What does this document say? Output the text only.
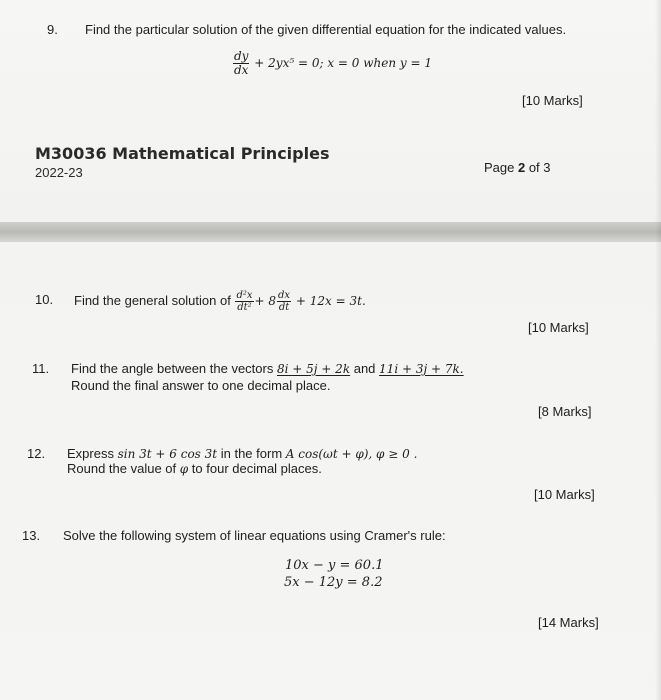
9. Find the particular solution of the given differential equation for the indicated values.
$\frac{dy}{dx} + 2yx^5 = 0$; x = 0 when y = 1
[10 Marks]
M30036 Mathematical Principles
2022-23	Page 2 of 3
10. Find the general solution of $\frac{\text{d²x}}{\text{dt²}} + 8 \frac{dx}{dt} + 12x = 3t$.
[10 Marks]
11. Find the angle between the vectors 8i + 5j + 2k and 11i + 3j + 7k.
Round the final answer to one decimal place.
[8 Marks]
12. Express sin 3t + 6 cos 3t in the form A cos(ωt + φ), φ ≥ 0 .
Round the value of φ to four decimal places.
[10 Marks]
13. Solve the following system of linear equations using Cramer's rule:
10x − y = 60.1
5x − 12y = 8.2
[14 Marks]
